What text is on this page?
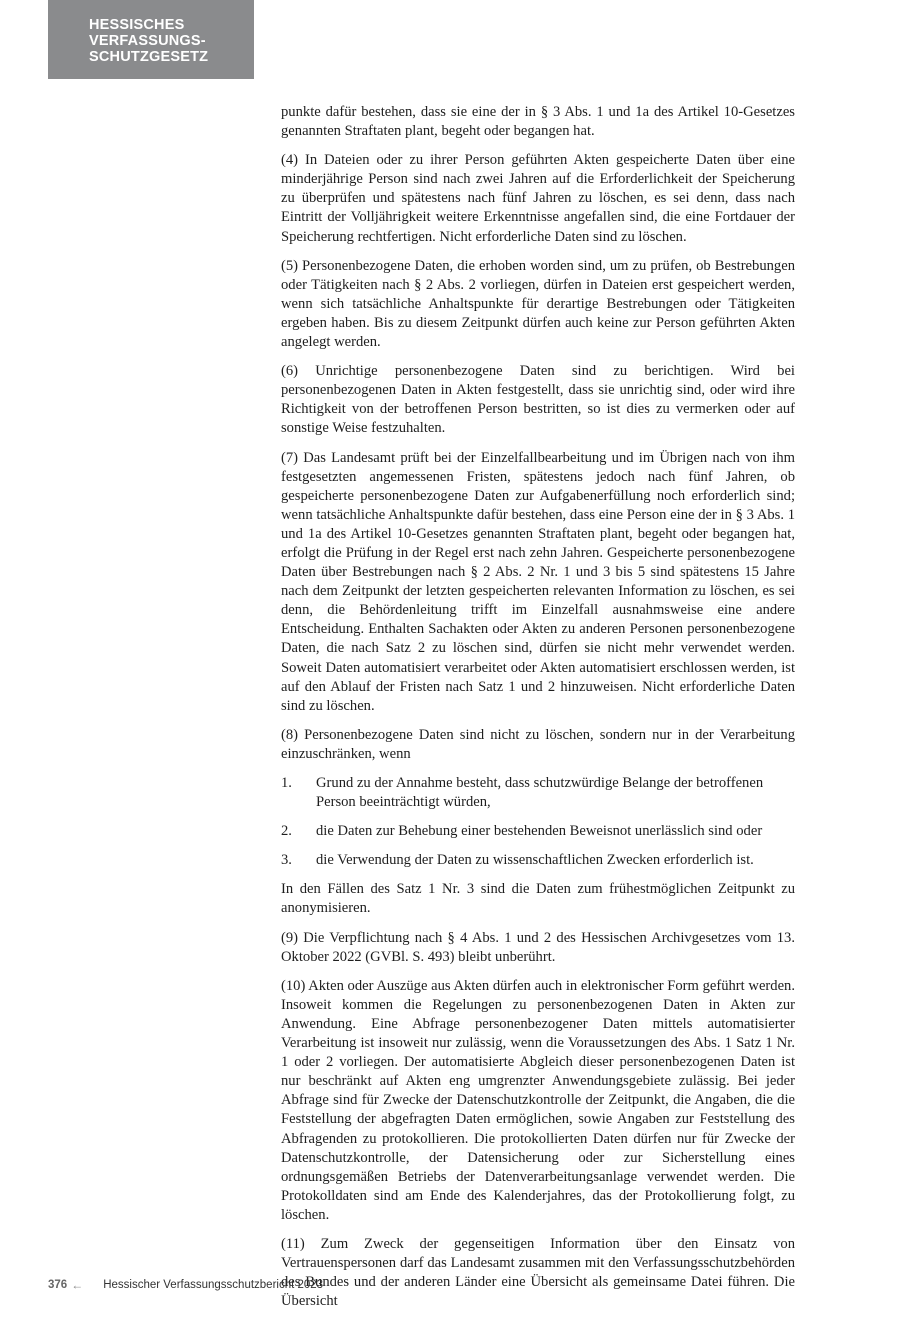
HESSISCHES
VERFASSUNGS-
SCHUTZGESETZ

punkte dafür bestehen, dass sie eine der in § 3 Abs. 1 und 1a des Artikel 10-Gesetzes genannten Straftaten plant, begeht oder begangen hat.

(4) In Dateien oder zu ihrer Person geführten Akten gespeicherte Daten über eine minderjährige Person sind nach zwei Jahren auf die Erforderlichkeit der Speicherung zu überprüfen und spätestens nach fünf Jahren zu löschen, es sei denn, dass nach Eintritt der Volljährigkeit weitere Erkenntnisse angefallen sind, die eine Fortdauer der Speicherung rechtfertigen. Nicht erforderliche Daten sind zu löschen.

(5) Personenbezogene Daten, die erhoben worden sind, um zu prüfen, ob Bestrebungen oder Tätigkeiten nach § 2 Abs. 2 vorliegen, dürfen in Dateien erst gespeichert werden, wenn sich tatsächliche Anhaltspunkte für derartige Bestrebungen oder Tätigkeiten ergeben haben. Bis zu diesem Zeitpunkt dürfen auch keine zur Person geführten Akten angelegt werden.

(6) Unrichtige personenbezogene Daten sind zu berichtigen. Wird bei personenbezogenen Daten in Akten festgestellt, dass sie unrichtig sind, oder wird ihre Richtigkeit von der betroffenen Person bestritten, so ist dies zu vermerken oder auf sonstige Weise festzuhalten.

(7) Das Landesamt prüft bei der Einzelfallbearbeitung und im Übrigen nach von ihm festgesetzten angemessenen Fristen, spätestens jedoch nach fünf Jahren, ob gespeicherte personenbezogene Daten zur Aufgabenerfüllung noch erforderlich sind; wenn tatsächliche Anhaltspunkte dafür bestehen, dass eine Person eine der in § 3 Abs. 1 und 1a des Artikel 10-Gesetzes genannten Straftaten plant, begeht oder begangen hat, erfolgt die Prüfung in der Regel erst nach zehn Jahren. Gespeicherte personenbezogene Daten über Bestrebungen nach § 2 Abs. 2 Nr. 1 und 3 bis 5 sind spätestens 15 Jahre nach dem Zeitpunkt der letzten gespeicherten relevanten Information zu löschen, es sei denn, die Behördenleitung trifft im Einzelfall ausnahmsweise eine andere Entscheidung. Enthalten Sachakten oder Akten zu anderen Personen personenbezogene Daten, die nach Satz 2 zu löschen sind, dürfen sie nicht mehr verwendet werden. Soweit Daten automatisiert verarbeitet oder Akten automatisiert erschlossen werden, ist auf den Ablauf der Fristen nach Satz 1 und 2 hinzuweisen. Nicht erforderliche Daten sind zu löschen.

(8) Personenbezogene Daten sind nicht zu löschen, sondern nur in der Verarbeitung einzuschränken, wenn

1.	Grund zu der Annahme besteht, dass schutzwürdige Belange der betroffenen Person beeinträchtigt würden,
2.	die Daten zur Behebung einer bestehenden Beweisnot unerlässlich sind oder
3.	die Verwendung der Daten zu wissenschaftlichen Zwecken erforderlich ist.

In den Fällen des Satz 1 Nr. 3 sind die Daten zum frühestmöglichen Zeitpunkt zu anonymisieren.

(9) Die Verpflichtung nach § 4 Abs. 1 und 2 des Hessischen Archivgesetzes vom 13. Oktober 2022 (GVBl. S. 493) bleibt unberührt.

(10) Akten oder Auszüge aus Akten dürfen auch in elektronischer Form geführt werden. Insoweit kommen die Regelungen zu personenbezogenen Daten in Akten zur Anwendung. Eine Abfrage personenbezogener Daten mittels automatisierter Verarbeitung ist insoweit nur zulässig, wenn die Voraussetzungen des Abs. 1 Satz 1 Nr. 1 oder 2 vorliegen. Der automatisierte Abgleich dieser personenbezogenen Daten ist nur beschränkt auf Akten eng umgrenzter Anwendungsgebiete zulässig. Bei jeder Abfrage sind für Zwecke der Datenschutzkontrolle der Zeitpunkt, die Angaben, die die Feststellung der abgefragten Daten ermöglichen, sowie Angaben zur Feststellung des Abfragenden zu protokollieren. Die protokollierten Daten dürfen nur für Zwecke der Datenschutzkontrolle, der Datensicherung oder zur Sicherstellung eines ordnungsgemäßen Betriebs der Datenverarbeitungsanlage verwendet werden. Die Protokolldaten sind am Ende des Kalenderjahres, das der Protokollierung folgt, zu löschen.

(11) Zum Zweck der gegenseitigen Information über den Einsatz von Vertrauenspersonen darf das Landesamt zusammen mit den Verfassungsschutzbehörden des Bundes und der anderen Länder eine Übersicht als gemeinsame Datei führen. Die Übersicht

376 ← Hessischer Verfassungsschutzbericht 2023
